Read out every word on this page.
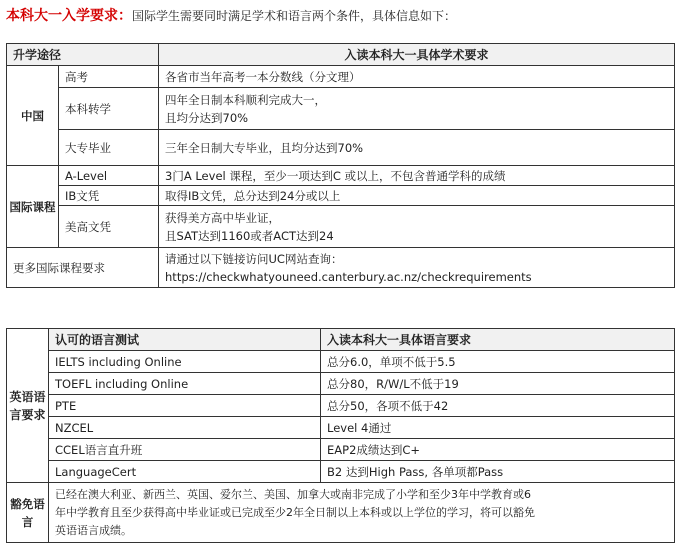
本科大一入学要求：国际学生需要同时满足学术和语言两个条件，具体信息如下：
升学途径		入读本科大一具体学术要求
中国	高考	各省市当年高考一本分数线（分文理）
	本科转学	四年全日制本科顺利完成大一，
且均分达到70%

	大专毕业	三年全日制大专毕业，且均分达到70%
国际课程	A-Level	3门A Level 课程，至少一项达到C 或以上，不包含普通学科的成绩
	IB文凭	取得IB文凭，总分达到24分或以上
	美高文凭	获得美方高中毕业证，
且SAT达到1160或者ACT达到24

更多国际课程要求		请通过以下链接访问UC网站查询：
https://checkwhatyouneed.canterbury.ac.nz/checkrequirements
英语语言要求	认可的语言测试	入读本科大一具体语言要求
	IELTS including Online	总分6.0，单项不低于5.5
	TOEFL including Online	总分80，R/W/L不低于19
	PTE	总分50，各项不低于42
	NZCEL	Level 4通过
	CCEL语言直升班	EAP2成绩达到C+
	LanguageCert	B2 达到High Pass, 各单项都Pass
豁免语言	已经在澳大利亚、新西兰、英国、爱尔兰、美国、加拿大或南非完成了小学和至少3年中学教育或6
年中学教育且至少获得高中毕业证或已完成至少2年全日制以上本科或以上学位的学习，将可以豁免
英语语言成绩。	
